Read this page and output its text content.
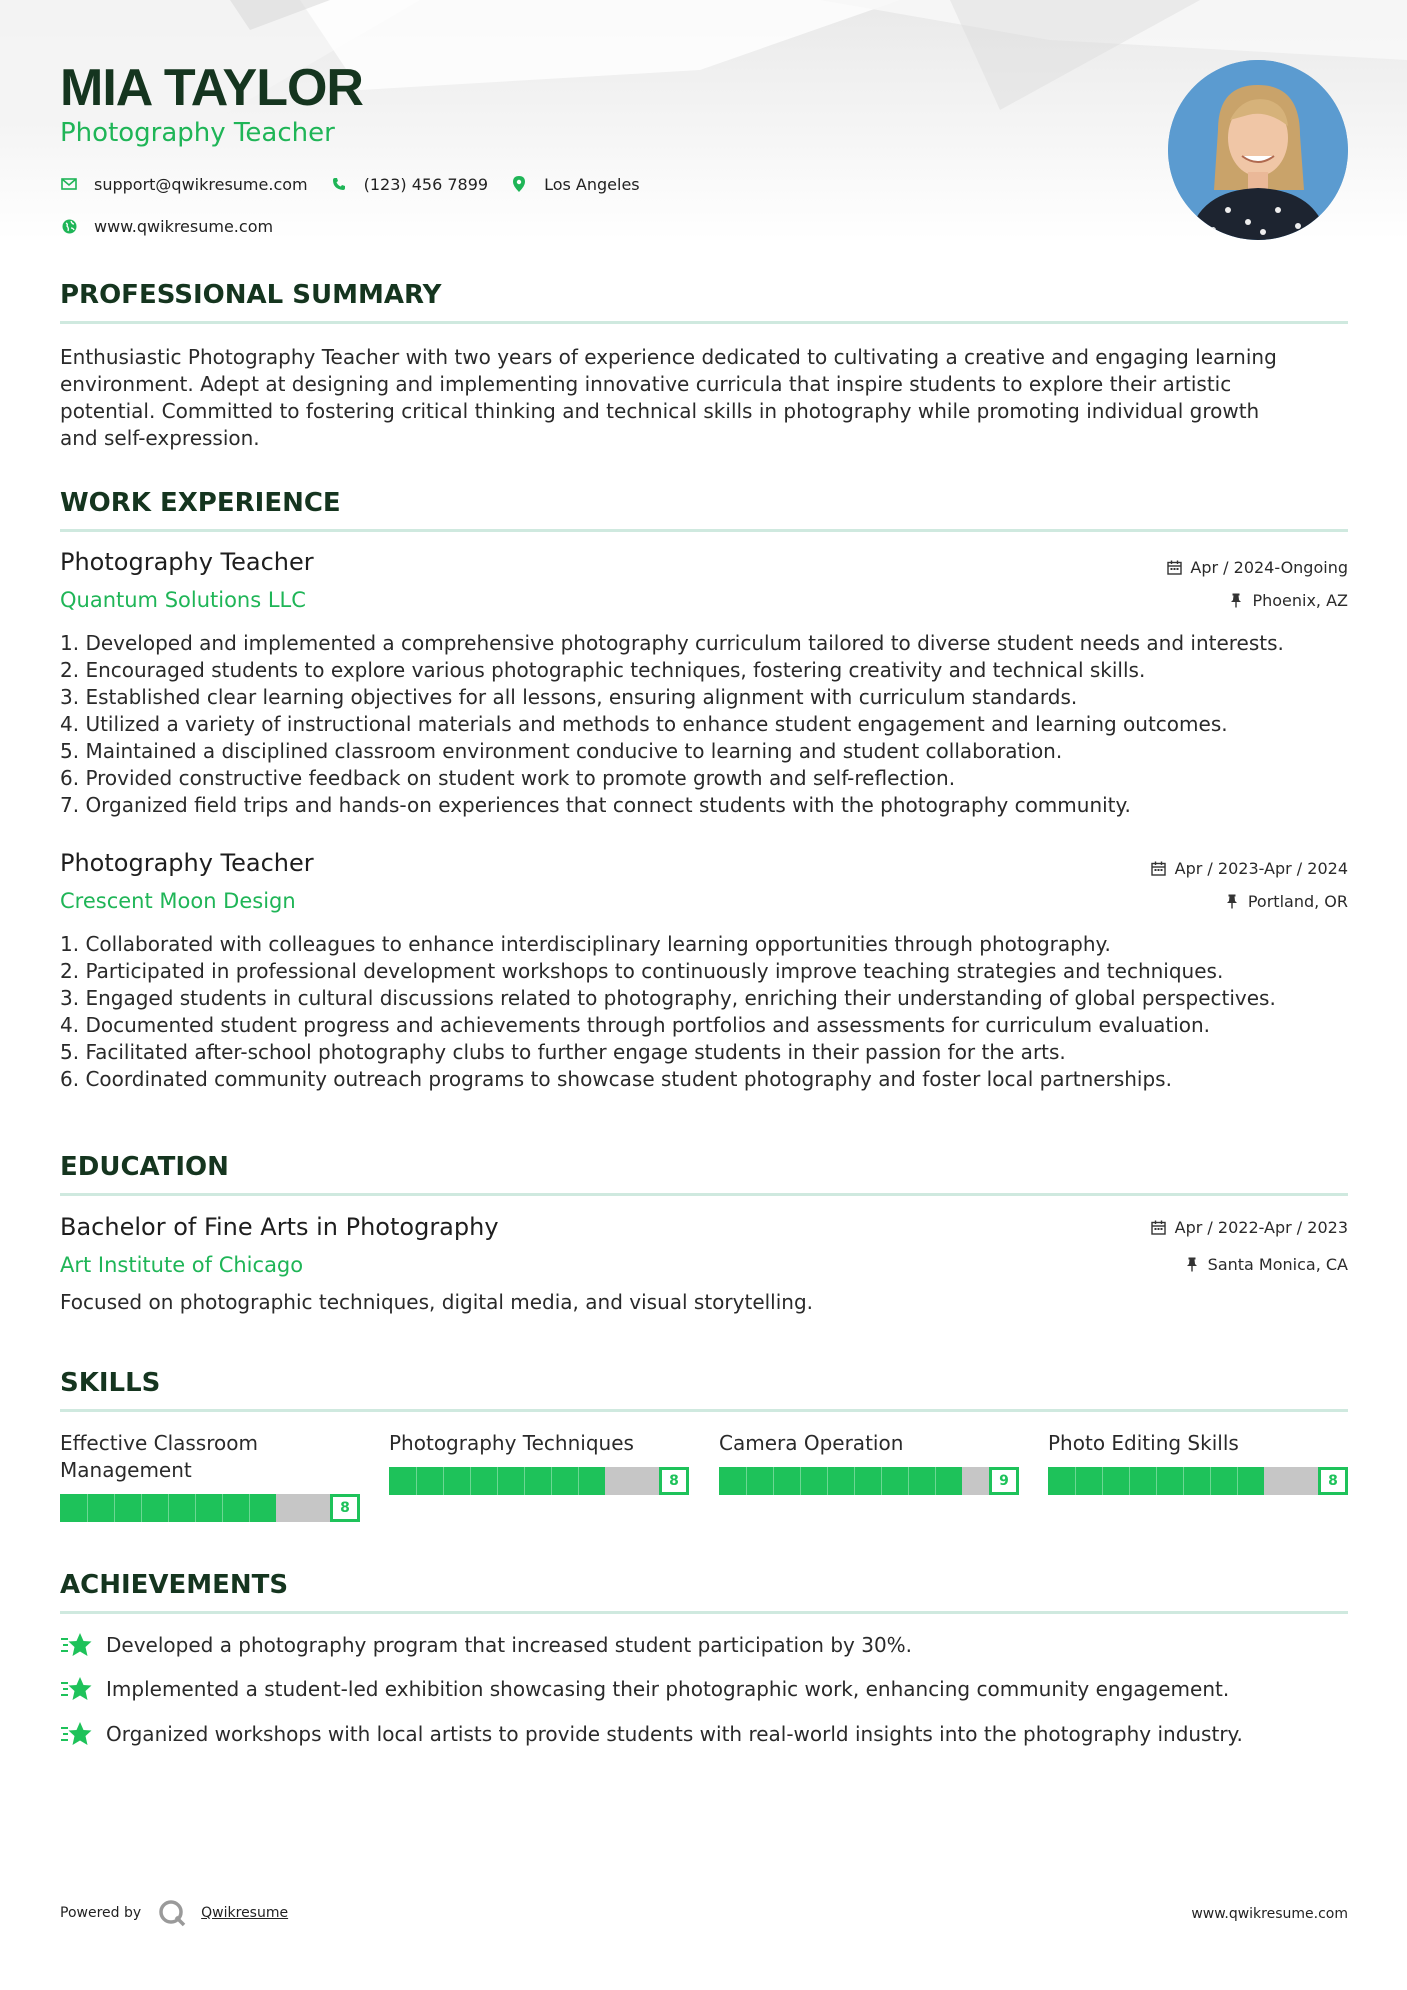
MIA TAYLOR
Photography Teacher
support@qwikresume.com	(123) 456 7899	Los Angeles
www.qwikresume.com
PROFESSIONAL SUMMARY
Enthusiastic Photography Teacher with two years of experience dedicated to cultivating a creative and engaging learning
environment. Adept at designing and implementing innovative curricula that inspire students to explore their artistic
potential. Committed to fostering critical thinking and technical skills in photography while promoting individual growth
and self-expression.
WORK EXPERIENCE
Photography Teacher
Quantum Solutions LLC
Apr / 2024-Ongoing
Phoenix, AZ
1. Developed and implemented a comprehensive photography curriculum tailored to diverse student needs and interests.
2. Encouraged students to explore various photographic techniques, fostering creativity and technical skills.
3. Established clear learning objectives for all lessons, ensuring alignment with curriculum standards.
4. Utilized a variety of instructional materials and methods to enhance student engagement and learning outcomes.
5. Maintained a disciplined classroom environment conducive to learning and student collaboration.
6. Provided constructive feedback on student work to promote growth and self-reflection.
7. Organized field trips and hands-on experiences that connect students with the photography community.
Photography Teacher
Crescent Moon Design
Apr / 2023-Apr / 2024
Portland, OR
1. Collaborated with colleagues to enhance interdisciplinary learning opportunities through photography.
2. Participated in professional development workshops to continuously improve teaching strategies and techniques.
3. Engaged students in cultural discussions related to photography, enriching their understanding of global perspectives.
4. Documented student progress and achievements through portfolios and assessments for curriculum evaluation.
5. Facilitated after-school photography clubs to further engage students in their passion for the arts.
6. Coordinated community outreach programs to showcase student photography and foster local partnerships.
EDUCATION
Bachelor of Fine Arts in Photography
Art Institute of Chicago
Apr / 2022-Apr / 2023
Santa Monica, CA
Focused on photographic techniques, digital media, and visual storytelling.
SKILLS
Effective Classroom
Management
8
Photography Techniques
8
Camera Operation
9
Photo Editing Skills
8
ACHIEVEMENTS
Developed a photography program that increased student participation by 30%.
Implemented a student-led exhibition showcasing their photographic work, enhancing community engagement.
Organized workshops with local artists to provide students with real-world insights into the photography industry.
Powered by	Qwikresume	www.qwikresume.com
